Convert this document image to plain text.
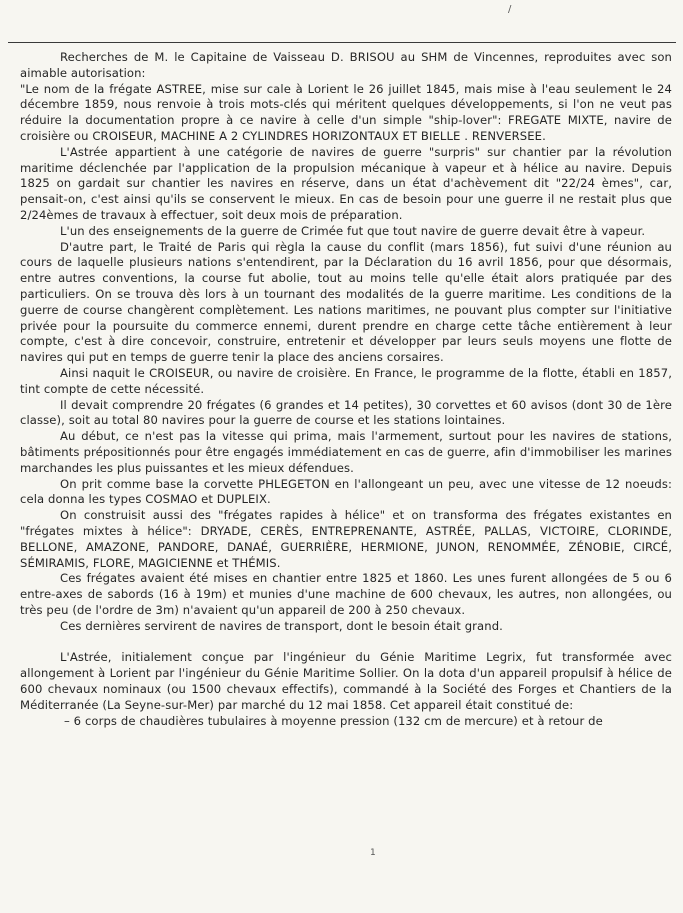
/

Recherches de M. le Capitaine de Vaisseau D. BRISOU au SHM de Vincennes, reproduites avec son aimable autorisation:

"Le nom de la frégate ASTREE, mise sur cale à Lorient le 26 juillet 1845, mais mise à l'eau seulement le 24 décembre 1859, nous renvoie à trois mots-clés qui méritent quelques développements, si l'on ne veut pas réduire la documentation propre à ce navire à celle d'un simple "ship-lover": FREGATE MIXTE, navire de croisière ou CROISEUR, MACHINE A 2 CYLINDRES HORIZONTAUX ET BIELLE . RENVERSEE.

L'Astrée appartient à une catégorie de navires de guerre "surpris" sur chantier par la révolution maritime déclenchée par l'application de la propulsion mécanique à vapeur et à hélice au navire. Depuis 1825 on gardait sur chantier les navires en réserve, dans un état d'achèvement dit "22/24 èmes", car, pensait-on, c'est ainsi qu'ils se conservent le mieux. En cas de besoin pour une guerre il ne restait plus que 2/24èmes de travaux à effectuer, soit deux mois de préparation.

L'un des enseignements de la guerre de Crimée fut que tout navire de guerre devait être à vapeur.

D'autre part, le Traité de Paris qui règla la cause du conflit (mars 1856), fut suivi d'une réunion au cours de laquelle plusieurs nations s'entendirent, par la Déclaration du 16 avril 1856, pour que désormais, entre autres conventions, la course fut abolie, tout au moins telle qu'elle était alors pratiquée par des particuliers. On se trouva dès lors à un tournant des modalités de la guerre maritime. Les conditions de la guerre de course changèrent complètement. Les nations maritimes, ne pouvant plus compter sur l'initiative privée pour la poursuite du commerce ennemi, durent prendre en charge cette tâche entièrement à leur compte, c'est à dire concevoir, construire, entretenir et développer par leurs seuls moyens une flotte de navires qui put en temps de guerre tenir la place des anciens corsaires.

Ainsi naquit le CROISEUR, ou navire de croisière. En France, le programme de la flotte, établi en 1857, tint compte de cette nécessité.

Il devait comprendre 20 frégates (6 grandes et 14 petites), 30 corvettes et 60 avisos (dont 30 de 1ère classe), soit au total 80 navires pour la guerre de course et les stations lointaines.

Au début, ce n'est pas la vitesse qui prima, mais l'armement, surtout pour les navires de stations, bâtiments prépositionnés pour être engagés immédiatement en cas de guerre, afin d'immobiliser les marines marchandes les plus puissantes et les mieux défendues.

On prit comme base la corvette PHLEGETON en l'allongeant un peu, avec une vitesse de 12 noeuds: cela donna les types COSMAO et DUPLEIX.

On construisit aussi des "frégates rapides à hélice" et on transforma des frégates existantes en "frégates mixtes à hélice": DRYADE, CERÈS, ENTREPRENANTE, ASTRÉE, PALLAS, VICTOIRE, CLORINDE, BELLONE, AMAZONE, PANDORE, DANAÉ, GUERRIÈRE, HERMIONE, JUNON, RENOMMÉE, ZÉNOBIE, CIRCÉ, SÉMIRAMIS, FLORE, MAGICIENNE et THÉMIS.

Ces frégates avaient été mises en chantier entre 1825 et 1860. Les unes furent allongées de 5 ou 6 entre-axes de sabords (16 à 19m) et munies d'une machine de 600 chevaux, les autres, non allongées, ou très peu (de l'ordre de 3m) n'avaient qu'un appareil de 200 à 250 chevaux.

Ces dernières servirent de navires de transport, dont le besoin était grand.

L'Astrée, initialement conçue par l'ingénieur du Génie Maritime Legrix, fut transformée avec allongement à Lorient par l'ingénieur du Génie Maritime Sollier. On la dota d'un appareil propulsif à hélice de 600 chevaux nominaux (ou 1500 chevaux effectifs), commandé à la Société des Forges et Chantiers de la Méditerranée (La Seyne-sur-Mer) par marché du 12 mai 1858. Cet appareil était constitué de:

– 6 corps de chaudières tubulaires à moyenne pression (132 cm de mercure) et à retour de

1
